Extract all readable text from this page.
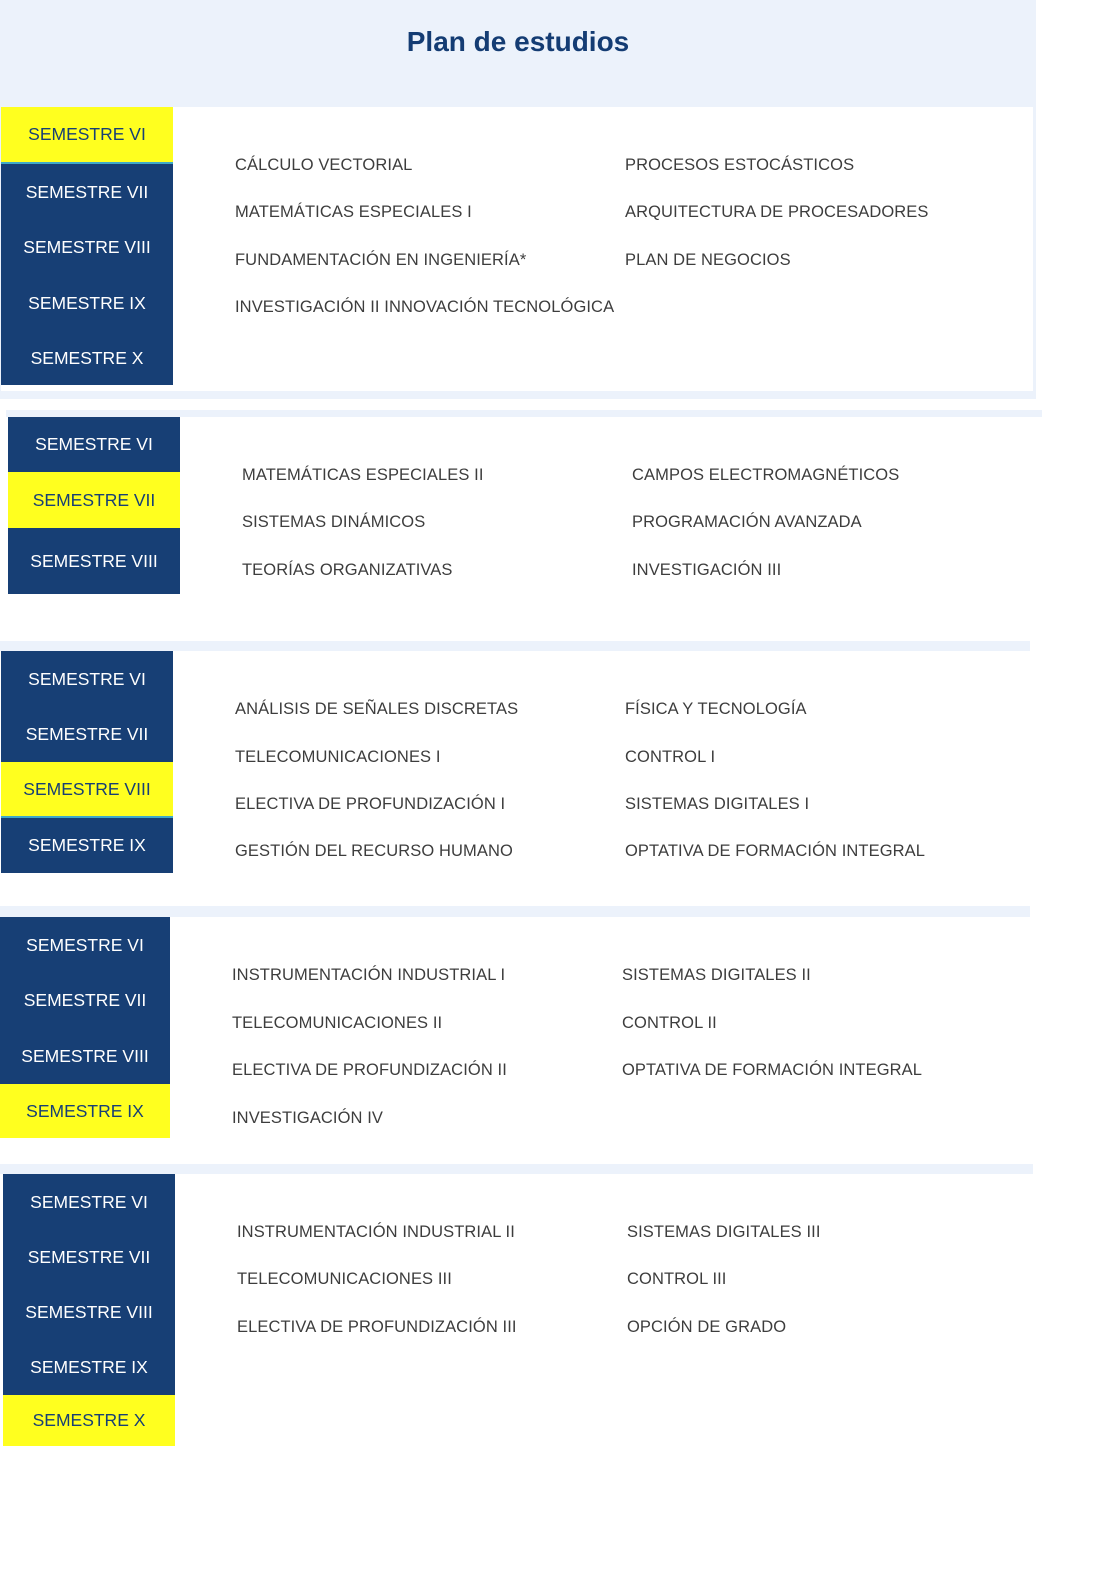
Plan de estudios
SEMESTRE VI
SEMESTRE VII
SEMESTRE VIII
SEMESTRE IX
SEMESTRE X
CÁLCULO VECTORIAL
MATEMÁTICAS ESPECIALES I
FUNDAMENTACIÓN EN INGENIERÍA*
INVESTIGACIÓN II INNOVACIÓN TECNOLÓGICA
PROCESOS ESTOCÁSTICOS
ARQUITECTURA DE PROCESADORES
PLAN DE NEGOCIOS
SEMESTRE VI
SEMESTRE VII
SEMESTRE VIII
MATEMÁTICAS ESPECIALES II
SISTEMAS DINÁMICOS
TEORÍAS ORGANIZATIVAS
CAMPOS ELECTROMAGNÉTICOS
PROGRAMACIÓN AVANZADA
INVESTIGACIÓN III
SEMESTRE VI
SEMESTRE VII
SEMESTRE VIII
SEMESTRE IX
ANÁLISIS DE SEÑALES DISCRETAS
TELECOMUNICACIONES I
ELECTIVA DE PROFUNDIZACIÓN I
GESTIÓN DEL RECURSO HUMANO
FÍSICA Y TECNOLOGÍA
CONTROL I
SISTEMAS DIGITALES I
OPTATIVA DE FORMACIÓN INTEGRAL
SEMESTRE VI
SEMESTRE VII
SEMESTRE VIII
SEMESTRE IX
INSTRUMENTACIÓN INDUSTRIAL I
TELECOMUNICACIONES II
ELECTIVA DE PROFUNDIZACIÓN II
INVESTIGACIÓN IV
SISTEMAS DIGITALES II
CONTROL II
OPTATIVA DE FORMACIÓN INTEGRAL
SEMESTRE VI
SEMESTRE VII
SEMESTRE VIII
SEMESTRE IX
SEMESTRE X
INSTRUMENTACIÓN INDUSTRIAL II
TELECOMUNICACIONES III
ELECTIVA DE PROFUNDIZACIÓN III
SISTEMAS DIGITALES III
CONTROL III
OPCIÓN DE GRADO
